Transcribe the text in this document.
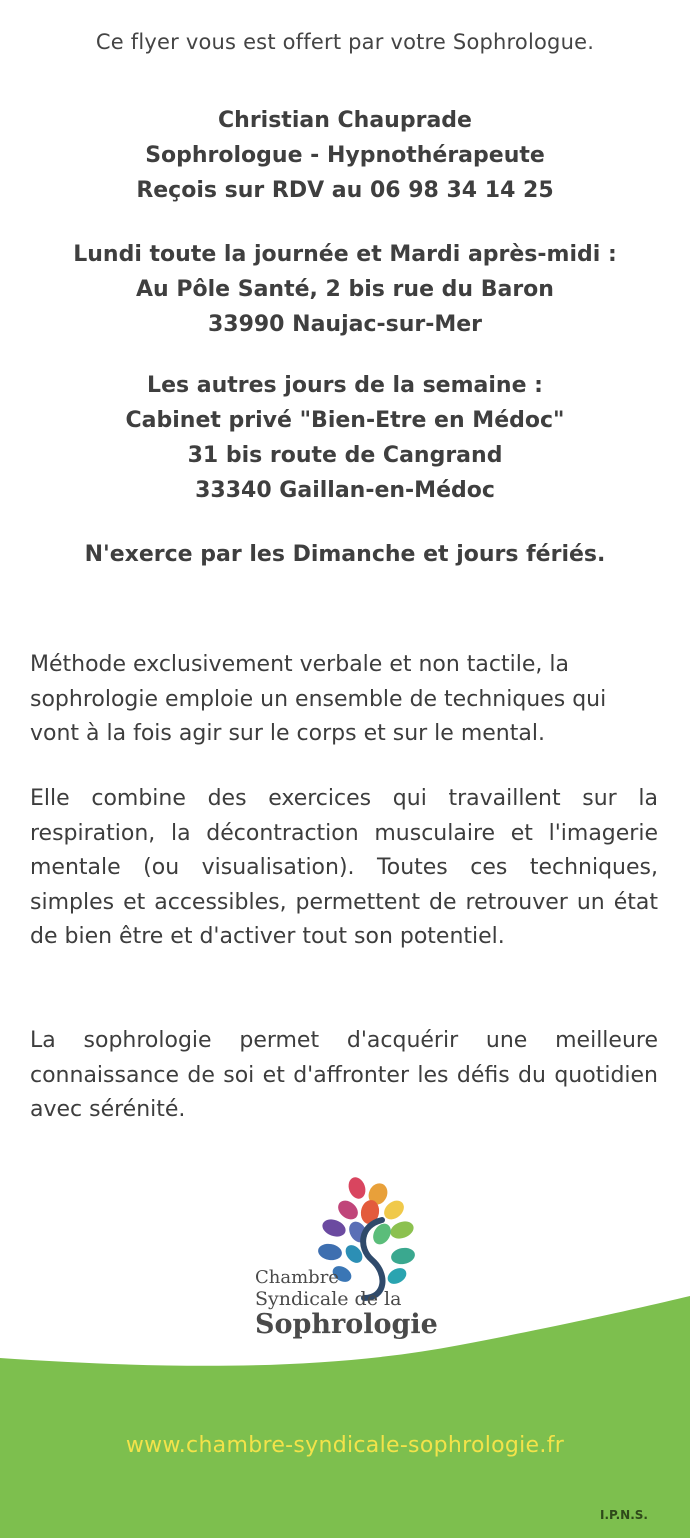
Ce flyer vous est offert par votre Sophrologue.
Christian Chauprade
Sophrologue - Hypnothérapeute
Reçois sur RDV au 06 98 34 14 25
Lundi toute la journée et Mardi après-midi :
Au Pôle Santé, 2 bis rue du Baron
33990 Naujac-sur-Mer
Les autres jours de la semaine :
Cabinet privé "Bien-Etre en Médoc"
31 bis route de Cangrand
33340 Gaillan-en-Médoc
N'exerce par les Dimanche et jours fériés.
Méthode exclusivement verbale et non tactile, la sophrologie emploie un ensemble de techniques qui vont à la fois agir sur le corps et sur le mental.
Elle combine des exercices qui travaillent sur la respiration, la décontraction musculaire et l'imagerie mentale (ou visualisation). Toutes ces techniques, simples et accessibles, permettent de retrouver un état de bien être et d'activer tout son potentiel.
La sophrologie permet d'acquérir une meilleure connaissance de soi et d'affronter les défis du quotidien avec sérénité.
Chambre
Syndicale de la
Sophrologie
www.chambre-syndicale-sophrologie.fr
I.P.N.S.
